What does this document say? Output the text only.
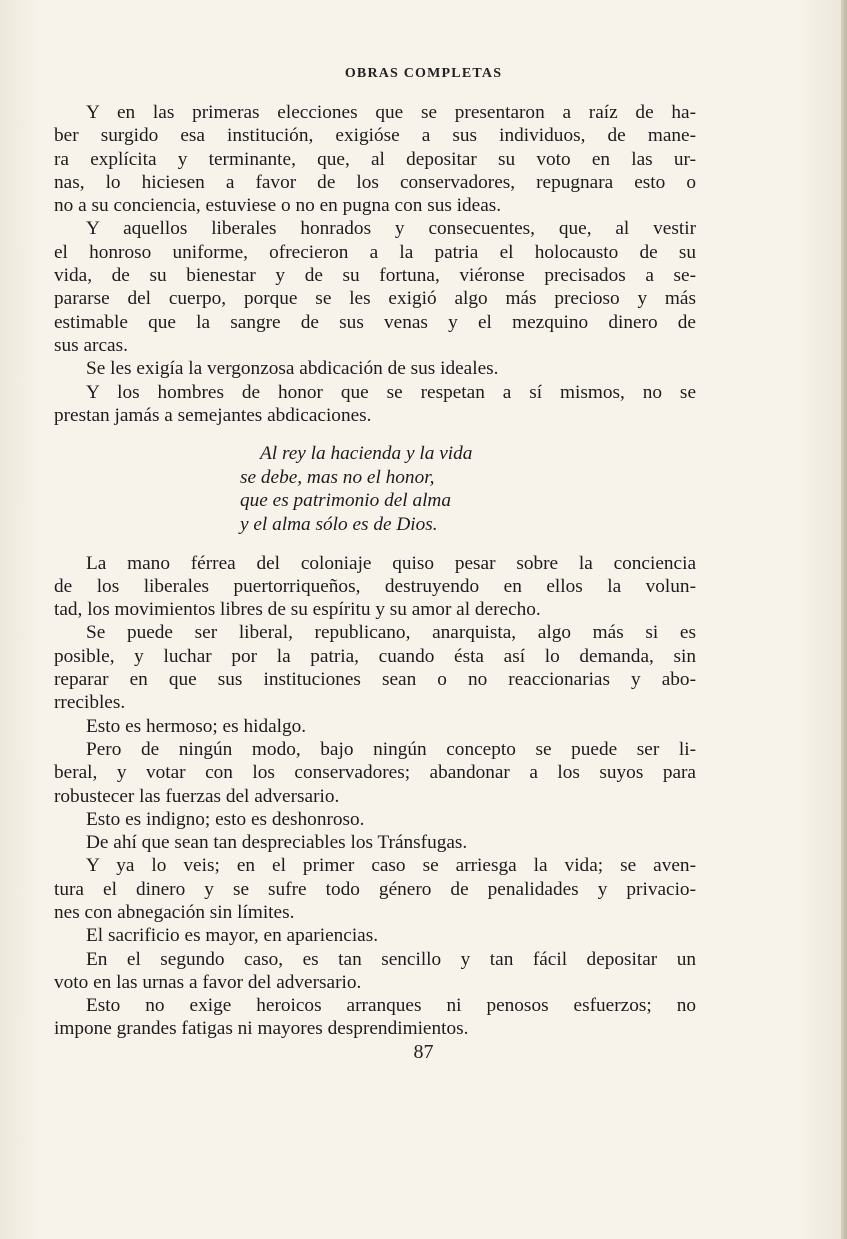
OBRAS COMPLETAS

Y en las primeras elecciones que se presentaron a raíz de ha-
ber surgido esa institución, exigióse a sus individuos, de mane-
ra explícita y terminante, que, al depositar su voto en las ur-
nas, lo hiciesen a favor de los conservadores, repugnara esto o
no a su conciencia, estuviese o no en pugna con sus ideas.

Y aquellos liberales honrados y consecuentes, que, al vestir
el honroso uniforme, ofrecieron a la patria el holocausto de su
vida, de su bienestar y de su fortuna, viéronse precisados a se-
pararse del cuerpo, porque se les exigió algo más precioso y más
estimable que la sangre de sus venas y el mezquino dinero de
sus arcas.

Se les exigía la vergonzosa abdicación de sus ideales.

Y los hombres de honor que se respetan a sí mismos, no se
prestan jamás a semejantes abdicaciones.

Al rey la hacienda y la vida
se debe, mas no el honor,
que es patrimonio del alma
y el alma sólo es de Dios.

La mano férrea del coloniaje quiso pesar sobre la conciencia
de los liberales puertorriqueños, destruyendo en ellos la volun-
tad, los movimientos libres de su espíritu y su amor al derecho.

Se puede ser liberal, republicano, anarquista, algo más si es
posible, y luchar por la patria, cuando ésta así lo demanda, sin
reparar en que sus instituciones sean o no reaccionarias y abo-
rrecibles.

Esto es hermoso; es hidalgo.

Pero de ningún modo, bajo ningún concepto se puede ser li-
beral, y votar con los conservadores; abandonar a los suyos para
robustecer las fuerzas del adversario.

Esto es indigno; esto es deshonroso.

De ahí que sean tan despreciables los Tránsfugas.

Y ya lo veis; en el primer caso se arriesga la vida; se aven-
tura el dinero y se sufre todo género de penalidades y privacio-
nes con abnegación sin límites.

El sacrificio es mayor, en apariencias.

En el segundo caso, es tan sencillo y tan fácil depositar un
voto en las urnas a favor del adversario.

Esto no exige heroicos arranques ni penosos esfuerzos; no
impone grandes fatigas ni mayores desprendimientos.

87
